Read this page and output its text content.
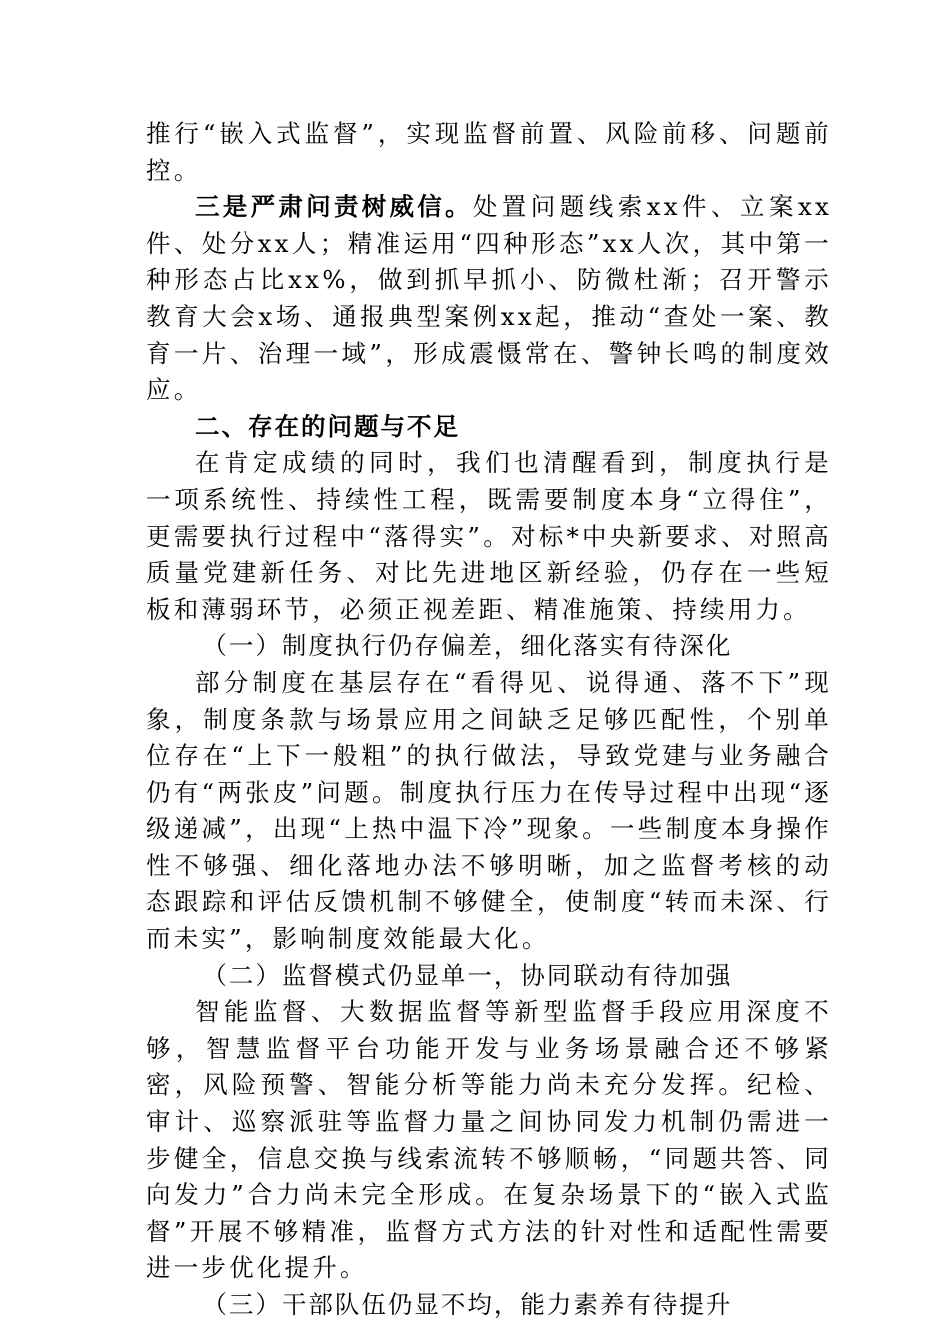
推行“嵌入式监督”，实现监督前置、风险前移、问题前控。

三是严肃问责树威信。处置问题线索xx件、立案xx件、处分xx人；精准运用“四种形态”xx人次，其中第一种形态占比xx%，做到抓早抓小、防微杜渐；召开警示教育大会x场、通报典型案例xx起，推动“查处一案、教育一片、治理一域”，形成震慑常在、警钟长鸣的制度效应。

二、存在的问题与不足

在肯定成绩的同时，我们也清醒看到，制度执行是一项系统性、持续性工程，既需要制度本身“立得住”，更需要执行过程中“落得实”。对标*中央新要求、对照高质量党建新任务、对比先进地区新经验，仍存在一些短板和薄弱环节，必须正视差距、精准施策、持续用力。

（一）制度执行仍存偏差，细化落实有待深化

部分制度在基层存在“看得见、说得通、落不下”现象，制度条款与场景应用之间缺乏足够匹配性，个别单位存在“上下一般粗”的执行做法，导致党建与业务融合仍有“两张皮”问题。制度执行压力在传导过程中出现“逐级递减”，出现“上热中温下冷”现象。一些制度本身操作性不够强、细化落地办法不够明晰，加之监督考核的动态跟踪和评估反馈机制不够健全，使制度“转而未深、行而未实”，影响制度效能最大化。

（二）监督模式仍显单一，协同联动有待加强

智能监督、大数据监督等新型监督手段应用深度不够，智慧监督平台功能开发与业务场景融合还不够紧密，风险预警、智能分析等能力尚未充分发挥。纪检、审计、巡察派驻等监督力量之间协同发力机制仍需进一步健全，信息交换与线索流转不够顺畅，“同题共答、同向发力”合力尚未完全形成。在复杂场景下的“嵌入式监督”开展不够精准，监督方式方法的针对性和适配性需要进一步优化提升。

（三）干部队伍仍显不均，能力素养有待提升
